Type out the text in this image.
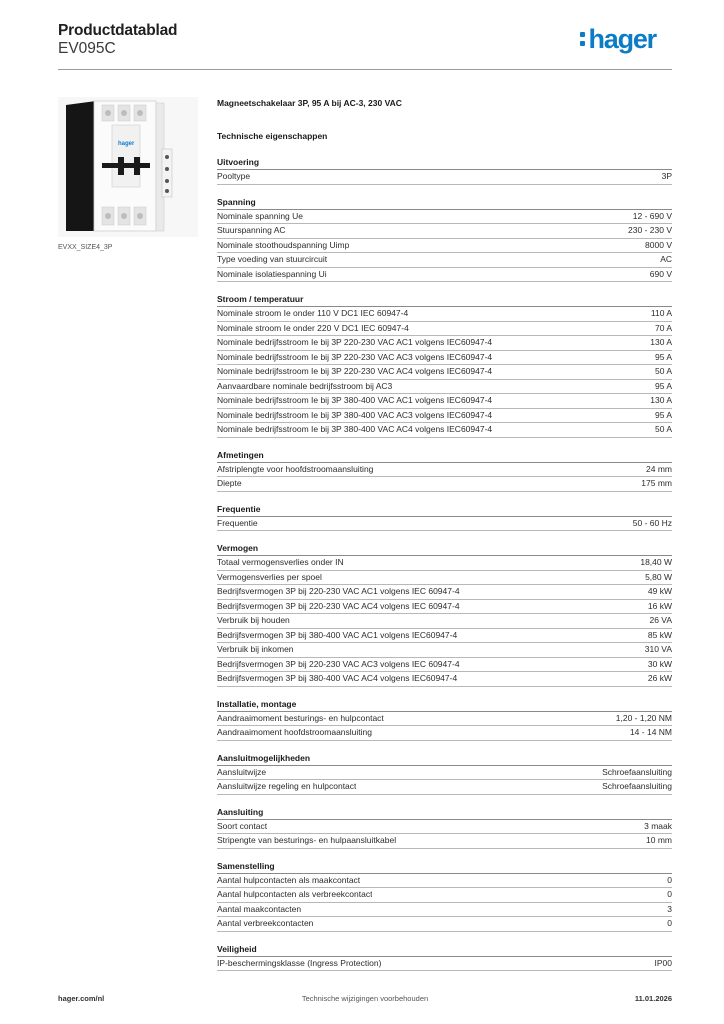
Productdatablad
EV095C	hager
hager
EVXX_SIZE4_3P
Magneetschakelaar 3P, 95 A bij AC-3, 230 VAC
Technische eigenschappen
Uitvoering
Pooltype	3P
Spanning
Nominale spanning Ue	12 - 690 V
Stuurspanning AC	230 - 230 V
Nominale stoothoudspanning Uimp	8000 V
Type voeding van stuurcircuit	AC
Nominale isolatiespanning Ui	690 V
Stroom / temperatuur
Nominale stroom Ie onder 110 V DC1 IEC 60947-4	110 A
Nominale stroom Ie onder 220 V DC1 IEC 60947-4	70 A
Nominale bedrijfsstroom Ie bij 3P 220-230 VAC AC1 volgens IEC60947-4	130 A
Nominale bedrijfsstroom Ie bij 3P 220-230 VAC AC3 volgens IEC60947-4	95 A
Nominale bedrijfsstroom Ie bij 3P 220-230 VAC AC4 volgens IEC60947-4	50 A
Aanvaardbare nominale bedrijfsstroom bij AC3	95 A
Nominale bedrijfsstroom Ie bij 3P 380-400 VAC AC1 volgens IEC60947-4	130 A
Nominale bedrijfsstroom Ie bij 3P 380-400 VAC AC3 volgens IEC60947-4	95 A
Nominale bedrijfsstroom Ie bij 3P 380-400 VAC AC4 volgens IEC60947-4	50 A
Afmetingen
Afstriplengte voor hoofdstroomaansluiting	24 mm
Diepte	175 mm
Frequentie
Frequentie	50 - 60 Hz
Vermogen
Totaal vermogensverlies onder IN	18,40 W
Vermogensverlies per spoel	5,80 W
Bedrijfsvermogen 3P bij 220-230 VAC AC1 volgens IEC 60947-4	49 kW
Bedrijfsvermogen 3P bij 220-230 VAC AC4 volgens IEC 60947-4	16 kW
Verbruik bij houden	26 VA
Bedrijfsvermogen 3P bij 380-400 VAC AC1 volgens IEC60947-4	85 kW
Verbruik bij inkomen	310 VA
Bedrijfsvermogen 3P bij 220-230 VAC AC3 volgens IEC 60947-4	30 kW
Bedrijfsvermogen 3P bij 380-400 VAC AC4 volgens IEC60947-4	26 kW
Installatie, montage
Aandraaimoment besturings- en hulpcontact	1,20 - 1,20 NM
Aandraaimoment hoofdstroomaansluiting	14 - 14 NM
Aansluitmogelijkheden
Aansluitwijze	Schroefaansluiting
Aansluitwijze regeling en hulpcontact	Schroefaansluiting
Aansluiting
Soort contact	3 maak
Stripengte van besturings- en hulpaansluitkabel	10 mm
Samenstelling
Aantal hulpcontacten als maakcontact	0
Aantal hulpcontacten als verbreekcontact	0
Aantal maakcontacten	3
Aantal verbreekcontacten	0
Veiligheid
IP-beschermingsklasse (Ingress Protection)	IP00
hager.com/nl	Technische wijzigingen voorbehouden	11.01.2026
